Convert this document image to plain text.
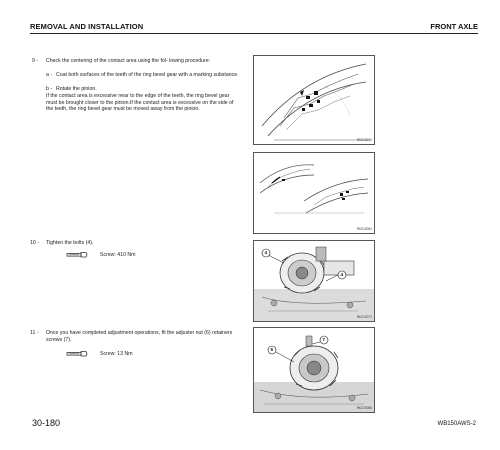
REMOVAL AND INSTALLATION	FRONT AXLE
9 - Check the centering of the contact area using the fol- lowing procedure:
a - Coat both surfaces of the teeth of the ring bevel gear with a marking substance.
b - Rotate the pinion.
If the contact area is excessive near to the edge of the teeth, the ring bevel gear must be brought closer to the pinion.If the contact area is excessive on the side of the teeth, the ring bevel gear must be moved away from the pinion.
10 - Tighten the bolts (4).
Screw: 410 Nm
11 - Once you have completed adjustment operations, fit the adjuster nut (6) retainers screws (7).
Screw: 13 Nm
RKZ10060
RKZ10061
4
4
RKZ10071
6
7
RKZ10080
30-180	WB150AWS-2
